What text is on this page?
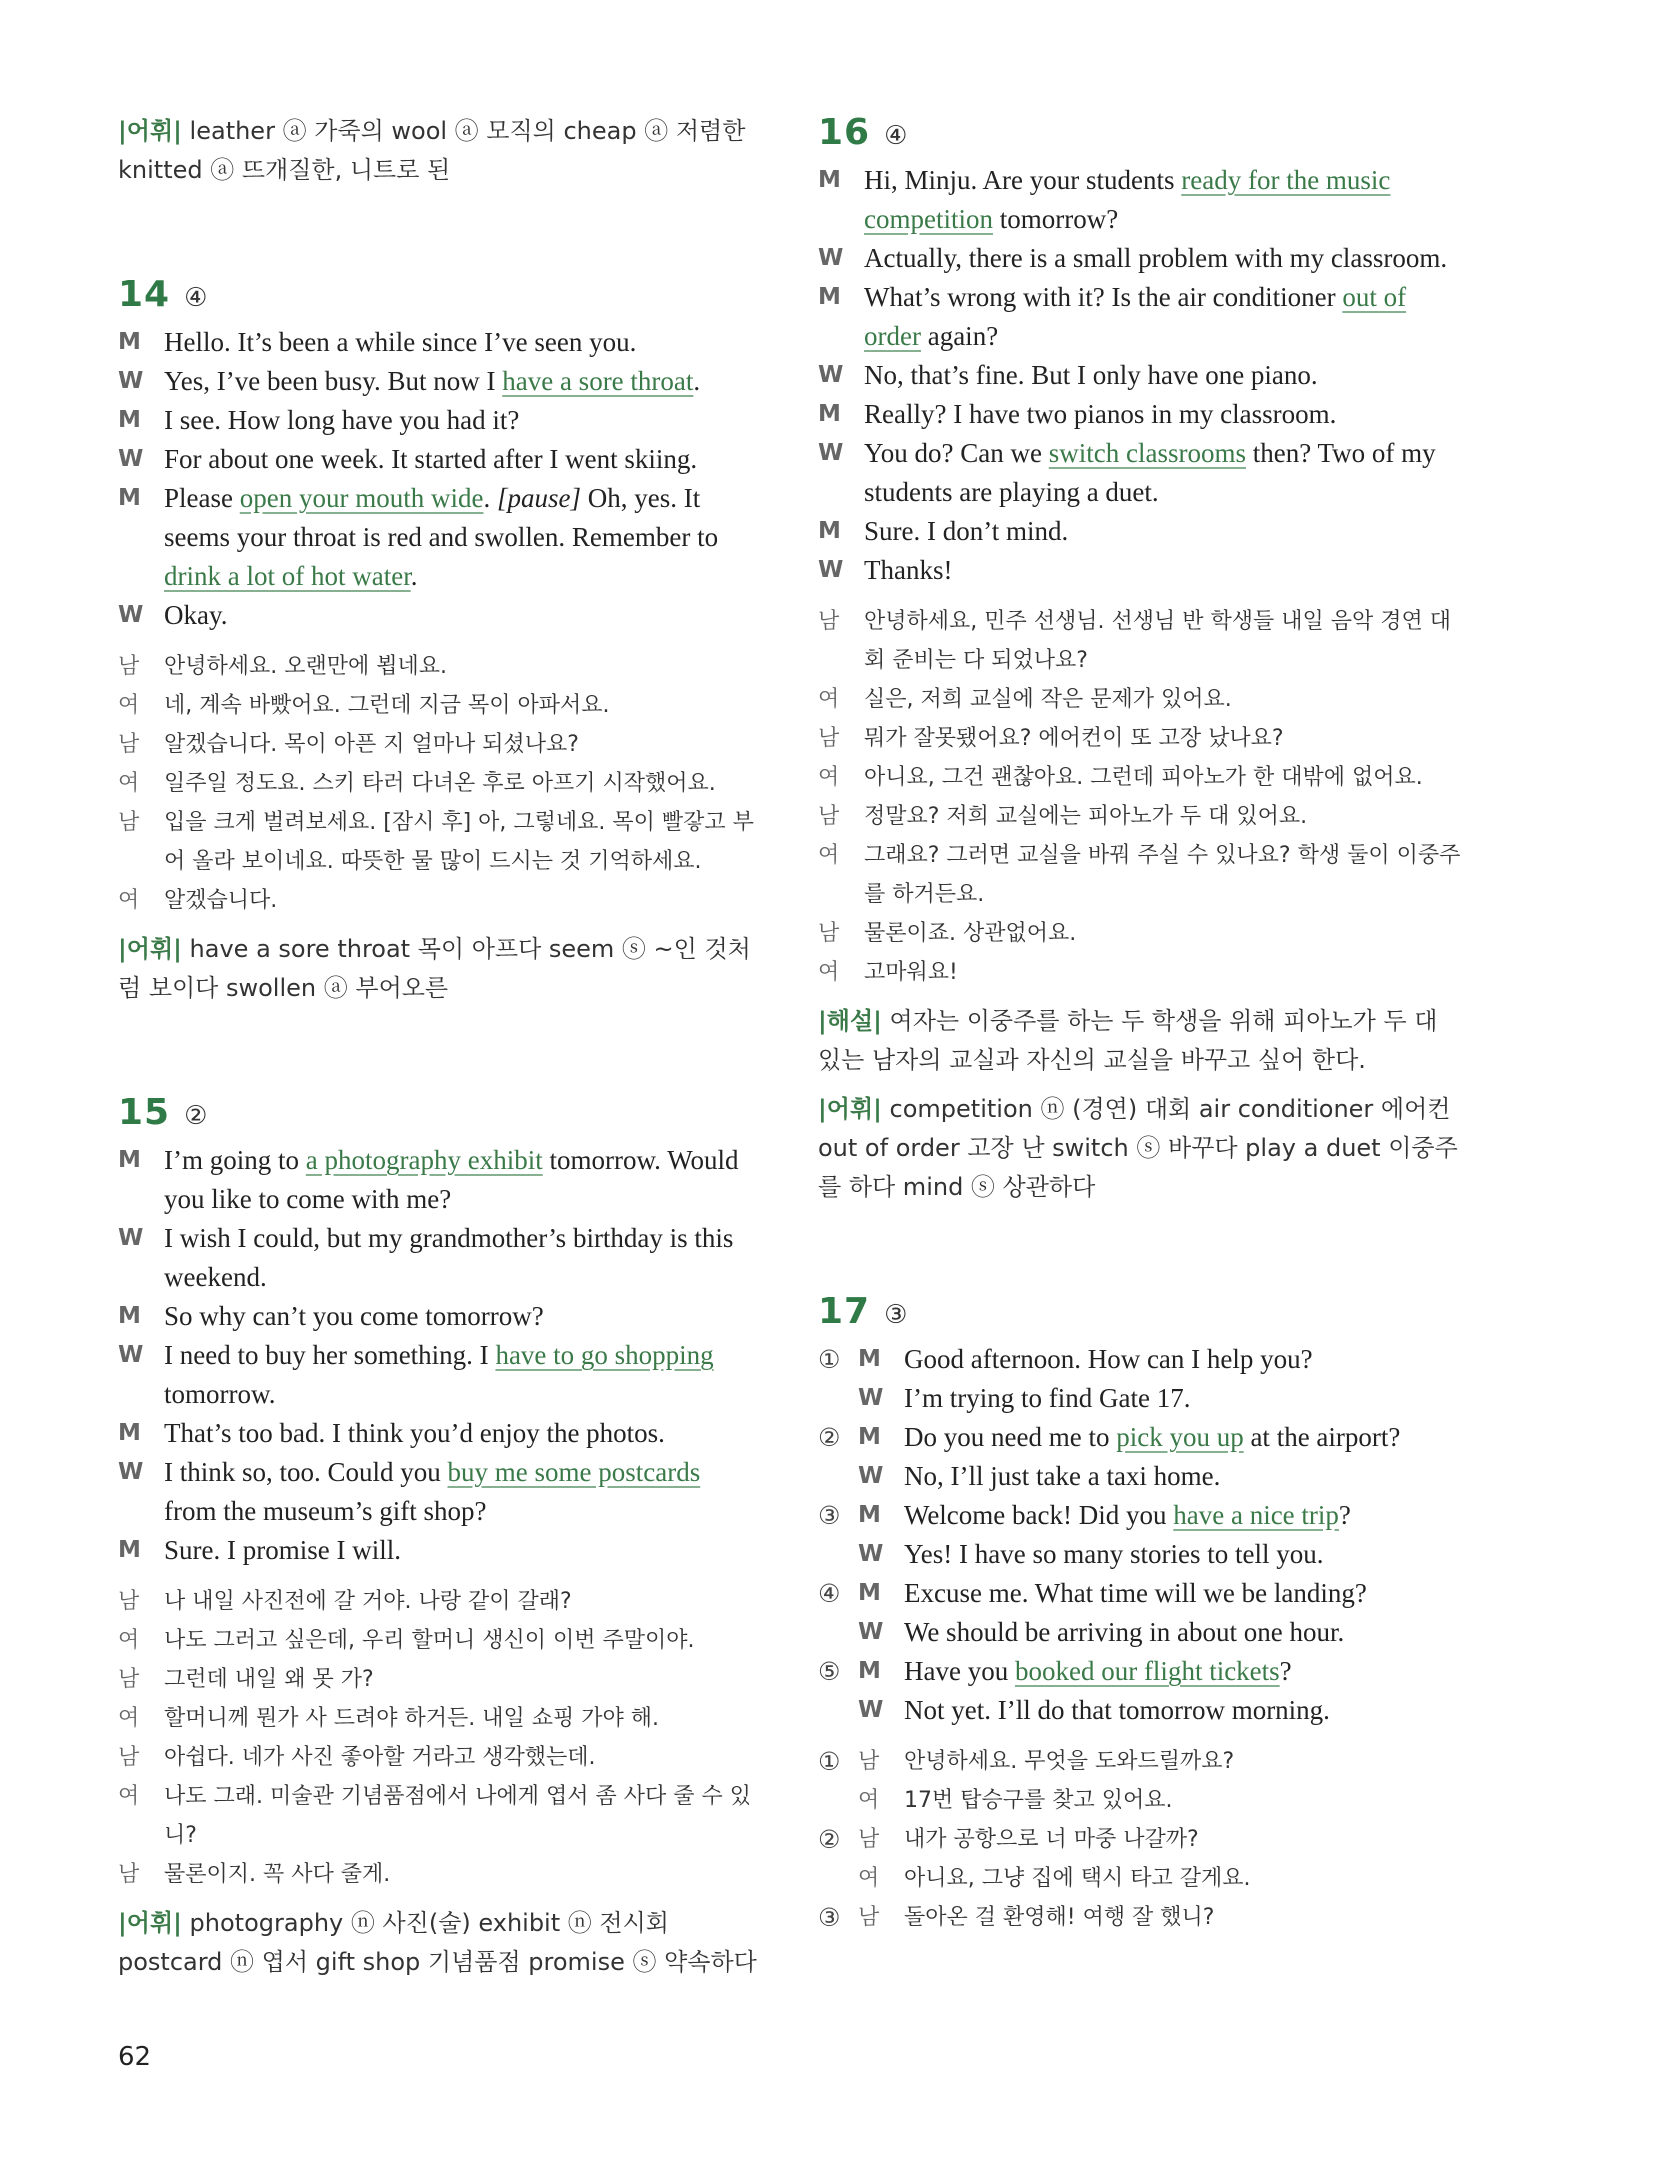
|어휘| leather ⓐ 가죽의 wool ⓐ 모직의 cheap ⓐ 저렴한 knitted ⓐ 뜨개질한, 니트로 된

14 ④
M Hello. It’s been a while since I’ve seen you.
W Yes, I’ve been busy. But now I have a sore throat.
M I see. How long have you had it?
W For about one week. It started after I went skiing.
M Please open your mouth wide. [pause] Oh, yes. It seems your throat is red and swollen. Remember to drink a lot of hot water.
W Okay.
남	안녕하세요. 오랜만에 뵙네요.
여	네, 계속 바빴어요. 그런데 지금 목이 아파서요.
남	알겠습니다. 목이 아픈 지 얼마나 되셨나요?
여	일주일 정도요. 스키 타러 다녀온 후로 아프기 시작했어요.
남	입을 크게 벌려보세요. [잠시 후] 아, 그렇네요. 목이 빨갛고 부어 올라 보이네요. 따뜻한 물 많이 드시는 것 기억하세요.
여	알겠습니다.

|어휘| have a sore throat 목이 아프다 seem ⓢ ~인 것처럼 보이다 swollen ⓐ 부어오른

15 ②
M I’m going to a photography exhibit tomorrow. Would you like to come with me?
W I wish I could, but my grandmother’s birthday is this weekend.
M So why can’t you come tomorrow?
W I need to buy her something. I have to go shopping tomorrow.
M That’s too bad. I think you’d enjoy the photos.
W I think so, too. Could you buy me some postcards from the museum’s gift shop?
M Sure. I promise I will.
남	나 내일 사진전에 갈 거야. 나랑 같이 갈래?
여	나도 그러고 싶은데, 우리 할머니 생신이 이번 주말이야.
남	그런데 내일 왜 못 가?
여	할머니께 뭔가 사 드려야 하거든. 내일 쇼핑 가야 해.
남	아쉽다. 네가 사진 좋아할 거라고 생각했는데.
여	나도 그래. 미술관 기념품점에서 나에게 엽서 좀 사다 줄 수 있니?
남	물론이지. 꼭 사다 줄게.

|어휘| photography ⓝ 사진(술) exhibit ⓝ 전시회 postcard ⓝ 엽서 gift shop 기념품점 promise ⓢ 약속하다

16 ④
M Hi, Minju. Are your students ready for the music competition tomorrow?
W Actually, there is a small problem with my classroom.
M What’s wrong with it? Is the air conditioner out of order again?
W No, that’s fine. But I only have one piano.
M Really? I have two pianos in my classroom.
W You do? Can we switch classrooms then? Two of my students are playing a duet.
M Sure. I don’t mind.
W Thanks!
남	안녕하세요, 민주 선생님. 선생님 반 학생들 내일 음악 경연 대회 준비는 다 되었나요?
여	실은, 저희 교실에 작은 문제가 있어요.
남	뭐가 잘못됐어요? 에어컨이 또 고장 났나요?
여	아니요, 그건 괜찮아요. 그런데 피아노가 한 대밖에 없어요.
남	정말요? 저희 교실에는 피아노가 두 대 있어요.
여	그래요? 그러면 교실을 바꿔 주실 수 있나요? 학생 둘이 이중주를 하거든요.
남	물론이죠. 상관없어요.
여	고마워요!

|해설| 여자는 이중주를 하는 두 학생을 위해 피아노가 두 대 있는 남자의 교실과 자신의 교실을 바꾸고 싶어 한다.

|어휘| competition ⓝ (경연) 대회 air conditioner 에어컨 out of order 고장 난 switch ⓢ 바꾸다 play a duet 이중주를 하다 mind ⓢ 상관하다

17 ③
① M Good afternoon. How can I help you?
W I’m trying to find Gate 17.
② M Do you need me to pick you up at the airport?
W No, I’ll just take a taxi home.
③ M Welcome back! Did you have a nice trip?
W Yes! I have so many stories to tell you.
④ M Excuse me. What time will we be landing?
W We should be arriving in about one hour.
⑤ M Have you booked our flight tickets?
W Not yet. I’ll do that tomorrow morning.
① 남	안녕하세요. 무엇을 도와드릴까요?
여	17번 탑승구를 찾고 있어요.
② 남	내가 공항으로 너 마중 나갈까?
여	아니요, 그냥 집에 택시 타고 갈게요.
③ 남	돌아온 걸 환영해! 여행 잘 했니?
62
